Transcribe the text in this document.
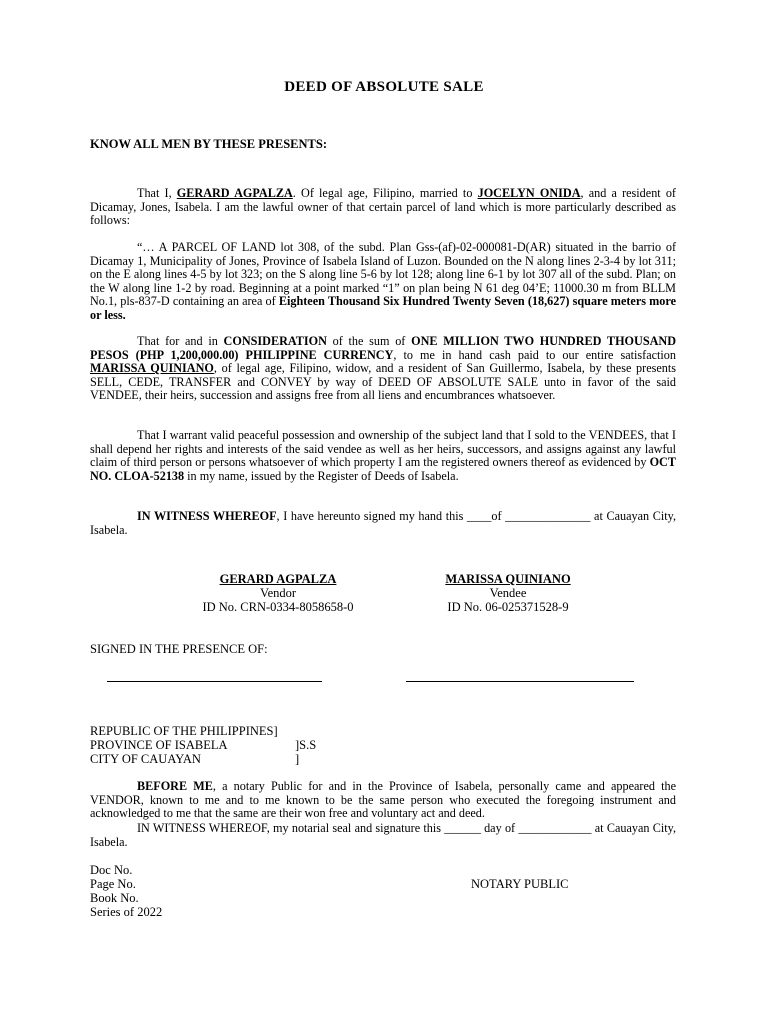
DEED OF ABSOLUTE SALE
KNOW ALL MEN BY THESE PRESENTS:
That I, GERARD AGPALZA. Of legal age, Filipino, married to JOCELYN ONIDA, and a resident of Dicamay, Jones, Isabela. I am the lawful owner of that certain parcel of land which is more particularly described as follows:
“… A PARCEL OF LAND lot 308, of the subd. Plan Gss-(af)-02-000081-D(AR) situated in the barrio of Dicamay 1, Municipality of Jones, Province of Isabela Island of Luzon. Bounded on the N along lines 2-3-4 by lot 311; on the E along lines 4-5 by lot 323; on the S along line 5-6 by lot 128; along line 6-1 by lot 307 all of the subd. Plan; on the W along line 1-2 by road. Beginning at a point marked “1” on plan being N 61 deg 04’E; 11000.30 m from BLLM No.1, pls-837-D containing an area of Eighteen Thousand Six Hundred Twenty Seven (18,627) square meters more or less.
That for and in CONSIDERATION of the sum of ONE MILLION TWO HUNDRED THOUSAND PESOS (PHP 1,200,000.00) PHILIPPINE CURRENCY, to me in hand cash paid to our entire satisfaction MARISSA QUINIANO, of legal age, Filipino, widow, and a resident of San Guillermo, Isabela, by these presents SELL, CEDE, TRANSFER and CONVEY by way of DEED OF ABSOLUTE SALE unto in favor of the said VENDEE, their heirs, succession and assigns free from all liens and encumbrances whatsoever.
That I warrant valid peaceful possession and ownership of the subject land that I sold to the VENDEES, that I shall depend her rights and interests of the said vendee as well as her heirs, successors, and assigns against any lawful claim of third person or persons whatsoever of which property I am the registered owners thereof as evidenced by OCT NO. CLOA-52138 in my name, issued by the Register of Deeds of Isabela.
IN WITNESS WHEREOF, I have hereunto signed my hand this ____of ______________ at Cauayan City, Isabela.
GERARD AGPALZA
Vendor
ID No. CRN-0334-8058658-0
MARISSA QUINIANO
Vendee
ID No. 06-025371528-9
SIGNED IN THE PRESENCE OF:
REPUBLIC OF THE PHILIPPINES]
PROVINCE OF ISABELA	]S.S
CITY OF CAUAYAN	]
BEFORE ME, a notary Public for and in the Province of Isabela, personally came and appeared the VENDOR, known to me and to me known to be the same person who executed the foregoing instrument and acknowledged to me that the same are their won free and voluntary act and deed.
IN WITNESS WHEREOF, my notarial seal and signature this ______ day of ____________ at Cauayan City, Isabela.
Doc No.
Page No.
Book No.
Series of 2022
NOTARY PUBLIC
